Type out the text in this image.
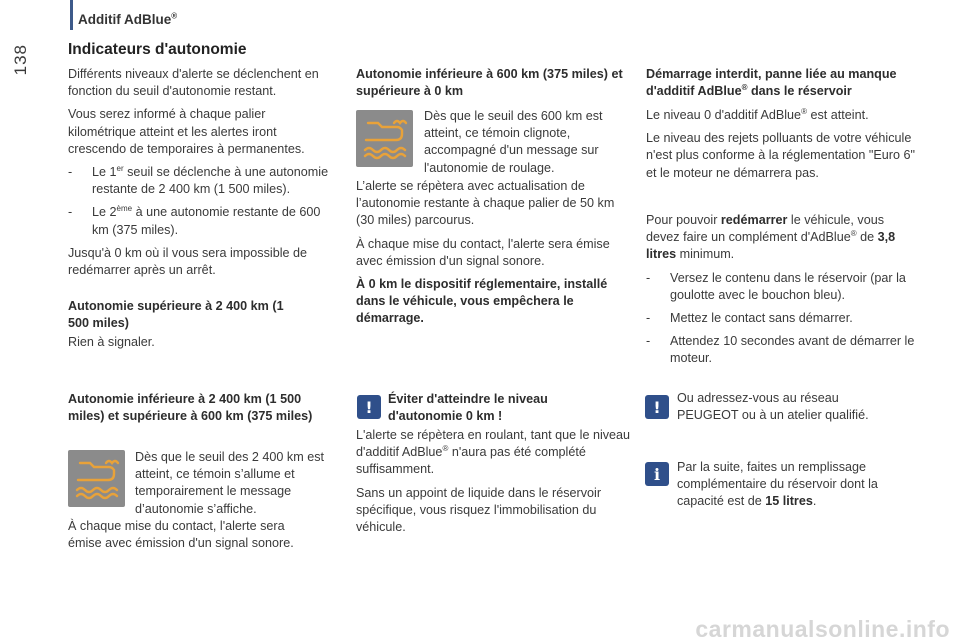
138
Additif AdBlue®
Indicateurs d'autonomie

Différents niveaux d'alerte se déclenchent en fonction du seuil d'autonomie restant.

Vous serez informé à chaque palier kilométrique atteint et les alertes iront crescendo de temporaires à permanentes.

-	Le 1er seuil se déclenche à une autonomie restante de 2 400 km (1 500 miles).
-	Le 2ème à une autonomie restante de 600 km (375 miles).

Jusqu'à 0 km où il vous sera impossible de redémarrer après un arrêt.

Autonomie supérieure à 2 400 km (1 500 miles)
Rien à signaler.
Autonomie inférieure à 2 400 km (1 500 miles) et supérieure à 600 km (375 miles)
Dès que le seuil des 2 400 km est atteint, ce témoin s’allume et temporairement le message d’autonomie s’affiche.
À chaque mise du contact, l'alerte sera émise avec émission d'un signal sonore.
Autonomie inférieure à 600 km (375 miles) et supérieure à 0 km
Dès que le seuil des 600 km est atteint, ce témoin clignote, accompagné d'un message sur l'autonomie de roulage.

L’alerte se répètera avec actualisation de l’autonomie restante à chaque palier de 50 km (30 miles) parcourus.

À chaque mise du contact, l'alerte sera émise avec émission d'un signal sonore.

À 0 km le dispositif réglementaire, installé dans le véhicule, vous empêchera le démarrage.

! Éviter d'atteindre le niveau d'autonomie 0 km !

L'alerte se répètera en roulant, tant que le niveau d'additif AdBlue® n'aura pas été complété suffisamment.

Sans un appoint de liquide dans le réservoir spécifique, vous risquez l'immobilisation du véhicule.

Démarrage interdit, panne liée au manque d'additif AdBlue® dans le réservoir

Le niveau 0 d'additif AdBlue® est atteint.

Le niveau des rejets polluants de votre véhicule n'est plus conforme à la réglementation "Euro 6" et le moteur ne démarrera pas.

Pour pouvoir redémarrer le véhicule, vous devez faire un complément d'AdBlue® de 3,8 litres minimum.

-	Versez le contenu dans le réservoir (par la goulotte avec le bouchon bleu).
-	Mettez le contact sans démarrer.
-	Attendez 10 secondes avant de démarrer le moteur.
! Ou adressez-vous au réseau PEUGEOT ou à un atelier qualifié.
i Par la suite, faites un remplissage complémentaire du réservoir dont la capacité est de 15 litres.
carmanualsonline.info
